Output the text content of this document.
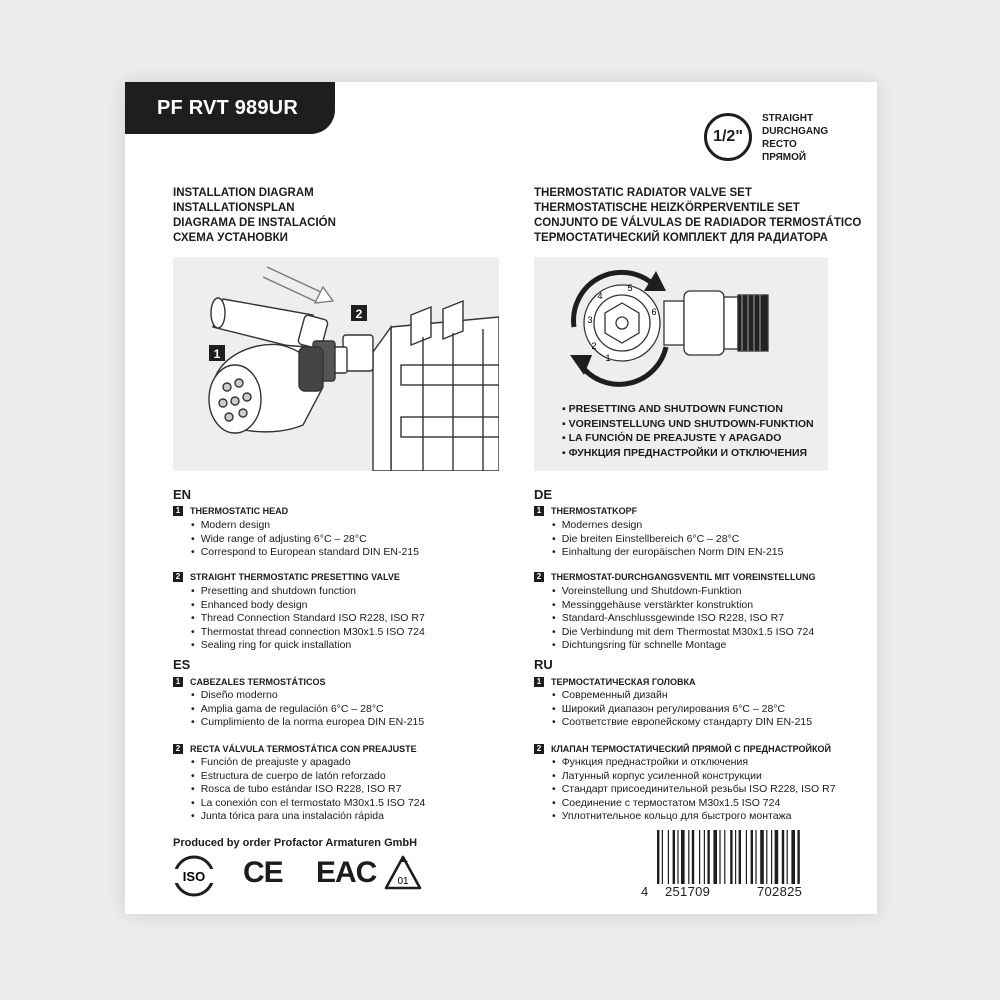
PF RVT 989UR
1/2"
STRAIGHT
DURCHGANG
RECTO
ПРЯМОЙ
INSTALLATION DIAGRAM
INSTALLATIONSPLAN
DIAGRAMA DE INSTALACIÓN
СХЕМА УСТАНОВКИ
THERMOSTATIC RADIATOR VALVE SET
THERMOSTATISCHE HEIZKÖRPERVENTILE SET
CONJUNTO DE VÁLVULAS DE RADIADOR TERMOSTÁTICO
ТЕРМОСТАТИЧЕСКИЙ КОМПЛЕКТ ДЛЯ РАДИАТОРА
1
2
1
2
3
4
5
6
▪ PRESETTING AND SHUTDOWN FUNCTION
▪ VOREINSTELLUNG UND SHUTDOWN-FUNKTION
▪ LA FUNCIÓN DE PREAJUSTE Y APAGADO
▪ ФУНКЦИЯ ПРЕДНАСТРОЙКИ И ОТКЛЮЧЕНИЯ
EN
1	THERMOSTATIC HEAD
• Modern design
• Wide range of adjusting 6°C – 28°C
• Correspond to European standard DIN EN-215
2	STRAIGHT THERMOSTATIC PRESETTING VALVE
• Presetting and shutdown function
• Enhanced body design
• Thread Connection Standard ISO R228, ISO R7
• Thermostat thread connection M30x1.5 ISO 724
• Sealing ring for quick installation
DE
1	THERMOSTATKOPF
• Modernes design
• Die breiten Einstellbereich 6°C – 28°C
• Einhaltung der europäischen Norm DIN EN-215
2	THERMOSTAT-DURCHGANGSVENTIL MIT VOREINSTELLUNG
• Voreinstellung und Shutdown-Funktion
• Messinggehäuse verstärkter konstruktion
• Standard-Anschlussgewinde ISO R228, ISO R7
• Die Verbindung mit dem Thermostat M30x1.5 ISO 724
• Dichtungsring für schnelle Montage
ES
1	CABEZALES TERMOSTÁTICOS
• Diseño moderno
• Amplia gama de regulación 6°C – 28°C
• Cumplimiento de la norma europea DIN EN-215
2	RECTA VÁLVULA TERMOSTÁTICA CON PREAJUSTE
• Función de preajuste y apagado
• Estructura de cuerpo de latón reforzado
• Rosca de tubo estándar ISO R228, ISO R7
• La conexión con el termostato M30x1.5 ISO 724
• Junta tórica para una instalación rápida
RU
1	ТЕРМОСТАТИЧЕСКАЯ ГОЛОВКА
• Современный дизайн
• Широкий диапазон регулирования 6°C – 28°C
• Соответствие европейскому стандарту DIN EN-215
2	КЛАПАН ТЕРМОСТАТИЧЕСКИЙ ПРЯМОЙ С ПРЕДНАСТРОЙКОЙ
• Функция преднастройки и отключения
• Латунный корпус усиленной конструкции
• Стандарт присоединительной резьбы ISO R228, ISO R7
• Соединение с термостатом M30x1.5 ISO 724
• Уплотнительное кольцо для быстрого монтажа
Produced by order Profactor Armaturen GmbH
ISO CE EAC 01
4 251709	702825
